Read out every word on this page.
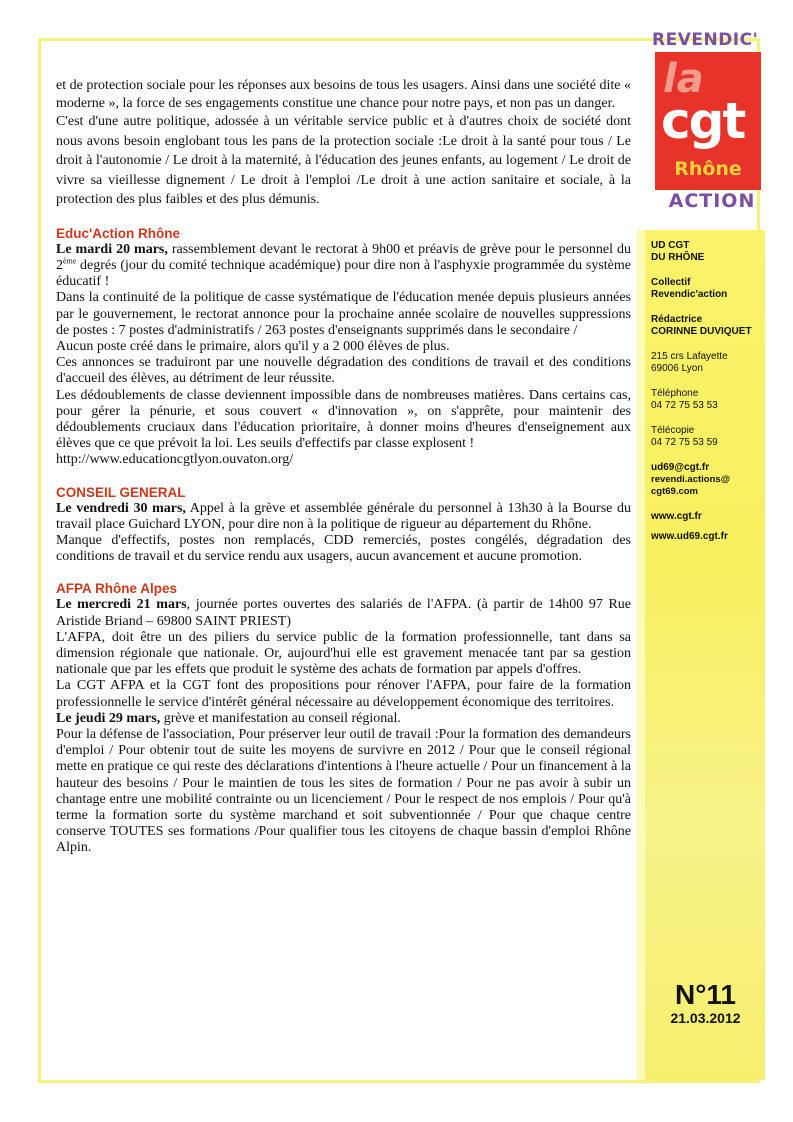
REVENDIC'
la
cgt
Rhône
ACTION
UD CGT
DU RHÔNE
Collectif
Revendic'action
Rédactrice
CORINNE DUVIQUET
215 crs Lafayette
69006 Lyon
Téléphone
04 72 75 53 53
Télécopie
04 72 75 53 59
ud69@cgt.fr
revendi.actions@
cgt69.com
www.cgt.fr
www.ud69.cgt.fr
N°11
21.03.2012

et de protection sociale pour les réponses aux besoins de tous les usagers. Ainsi dans une société dite « moderne », la force de ses engagements constitue une chance pour notre pays, et non pas un danger.

C'est d'une autre politique, adossée à un véritable service public et à d'autres choix de société dont nous avons besoin englobant tous les pans de la protection sociale :Le droit à la santé pour tous / Le droit à l'autonomie / Le droit à la maternité, à l'éducation des jeunes enfants, au logement / Le droit de vivre sa vieillesse dignement / Le droit à l'emploi /Le droit à une action sanitaire et sociale, à la protection des plus faibles et des plus démunis.

Educ'Action Rhône

Le mardi 20 mars, rassemblement devant le rectorat à 9h00 et préavis de grève pour le personnel du 2ème degrés (jour du comité technique académique) pour dire non à l'asphyxie programmée du système éducatif !

Dans la continuité de la politique de casse systématique de l'éducation menée depuis plusieurs années par le gouvernement, le rectorat annonce pour la prochaine année scolaire de nouvelles suppressions de postes : 7 postes d'administratifs / 263 postes d'enseignants supprimés dans le secondaire /

Aucun poste créé dans le primaire, alors qu'il y a 2 000 élèves de plus.

Ces annonces se traduiront par une nouvelle dégradation des conditions de travail et des conditions d'accueil des élèves, au détriment de leur réussite.

Les dédoublements de classe deviennent impossible dans de nombreuses matières. Dans certains cas, pour gérer la pénurie, et sous couvert « d'innovation », on s'apprête, pour maintenir des dédoublements cruciaux dans l'éducation prioritaire, à donner moins d'heures d'enseignement aux élèves que ce que prévoit la loi. Les seuils d'effectifs par classe explosent !

http://www.educationcgtlyon.ouvaton.org/

CONSEIL GENERAL

Le vendredi 30 mars, Appel à la grève et assemblée générale du personnel à 13h30 à la Bourse du travail place Guichard LYON, pour dire non à la politique de rigueur au département du Rhône.

Manque d'effectifs, postes non remplacés, CDD remerciés, postes congélés, dégradation des conditions de travail et du service rendu aux usagers, aucun avancement et aucune promotion.

AFPA Rhône Alpes

Le mercredi 21 mars, journée portes ouvertes des salariés de l'AFPA. (à partir de 14h00 97 Rue Aristide Briand – 69800 SAINT PRIEST)

L'AFPA, doit être un des piliers du service public de la formation professionnelle, tant dans sa dimension régionale que nationale. Or, aujourd'hui elle est gravement menacée tant par sa gestion nationale que par les effets que produit le système des achats de formation par appels d'offres.

La CGT AFPA et la CGT font des propositions pour rénover l'AFPA, pour faire de la formation professionnelle le service d'intérêt général nécessaire au développement économique des territoires.

Le jeudi 29 mars, grève et manifestation au conseil régional.

Pour la défense de l'association, Pour préserver leur outil de travail :Pour la formation des demandeurs d'emploi / Pour obtenir tout de suite les moyens de survivre en 2012 / Pour que le conseil régional mette en pratique ce qui reste des déclarations d'intentions à l'heure actuelle / Pour un financement à la hauteur des besoins / Pour le maintien de tous les sites de formation / Pour ne pas avoir à subir un chantage entre une mobilité contrainte ou un licenciement / Pour le respect de nos emplois / Pour qu'à terme la formation sorte du système marchand et soit subventionnée / Pour que chaque centre conserve TOUTES ses formations /Pour qualifier tous les citoyens de chaque bassin d'emploi Rhône Alpin.
